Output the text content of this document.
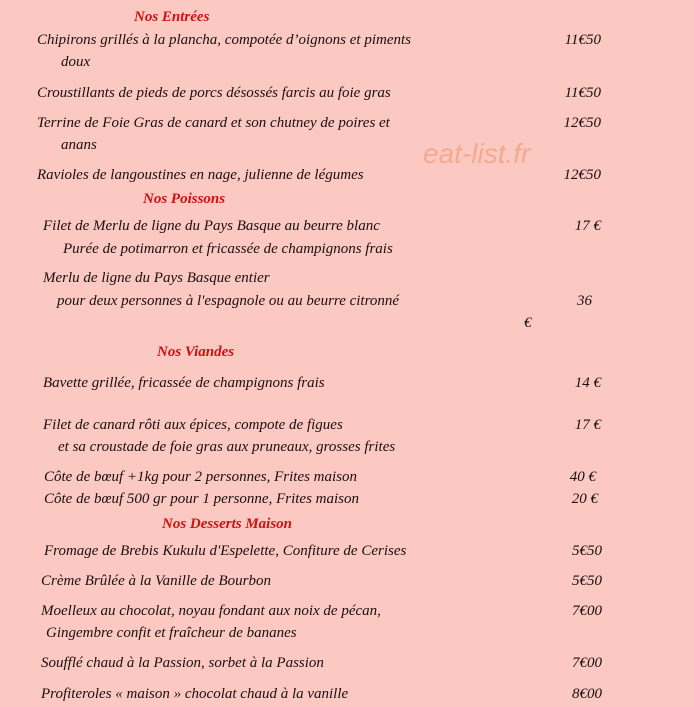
eat-list.fr
Nos Entrées
Chipirons grillés à la plancha, compotée d’oignons et piments
doux
11€50
Croustillants de pieds de porcs désossés farcis au foie gras	11€50
Terrine de Foie Gras de canard et son chutney de poires et
anans
12€50
Ravioles de langoustines en nage, julienne de légumes	12€50
Nos Poissons
Filet de Merlu de ligne du Pays Basque au beurre blanc
Purée de potimarron et fricassée de champignons frais
17 €
Merlu de ligne du Pays Basque entier
pour deux personnes à l'espagnole ou au beurre citronné	36
€
Nos Viandes
Bavette grillée, fricassée de champignons frais	14 €
Filet de canard rôti aux épices, compote de figues
et sa croustade de foie gras aux pruneaux, grosses frites
17 €
Côte de bœuf +1kg pour 2 personnes, Frites maison	40 €
Côte de bœuf 500 gr pour 1 personne, Frites maison	20 €
Nos Desserts Maison
Fromage de Brebis Kukulu d'Espelette, Confiture de Cerises	5€50
Crème Brûlée à la Vanille de Bourbon	5€50
Moelleux au chocolat, noyau fondant aux noix de pécan,
Gingembre confit et fraîcheur de bananes
7€00
Soufflé chaud à la Passion, sorbet à la Passion	7€00
Profiteroles « maison » chocolat chaud à la vanille	8€00
